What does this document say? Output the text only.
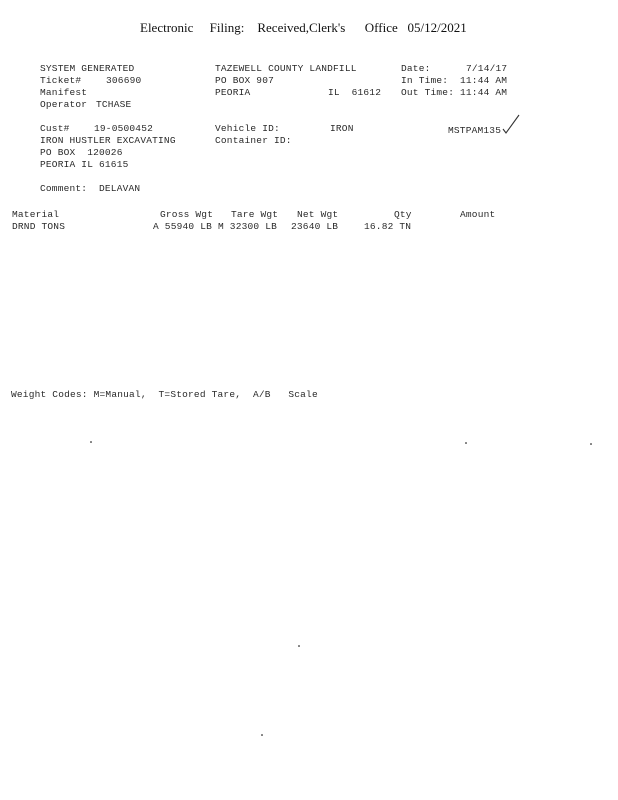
Electronic Filing: Received,Clerk's Office 05/12/2021
SYSTEM GENERATED
Ticket#	306690
Manifest
Operator TCHASE
TAZEWELL COUNTY LANDFILL
PO BOX 907
PEORIA	IL  61612
Date:	7/14/17
In Time: 11:44 AM
Out Time: 11:44 AM
Cust#	19-0500452
IRON HUSTLER EXCAVATING
PO BOX  120026
PEORIA IL 61615
Vehicle ID:	IRON
Container ID:
MSTPAM135
Comment: DELAVAN
Material	Gross Wgt Tare Wgt Net Wgt	Qty	Amount
DRND TONS	A 55940 LB M 32300 LB 23640 LB	16.82 TN
Weight Codes: M=Manual,  T=Stored Tare,  A/B   Scale
